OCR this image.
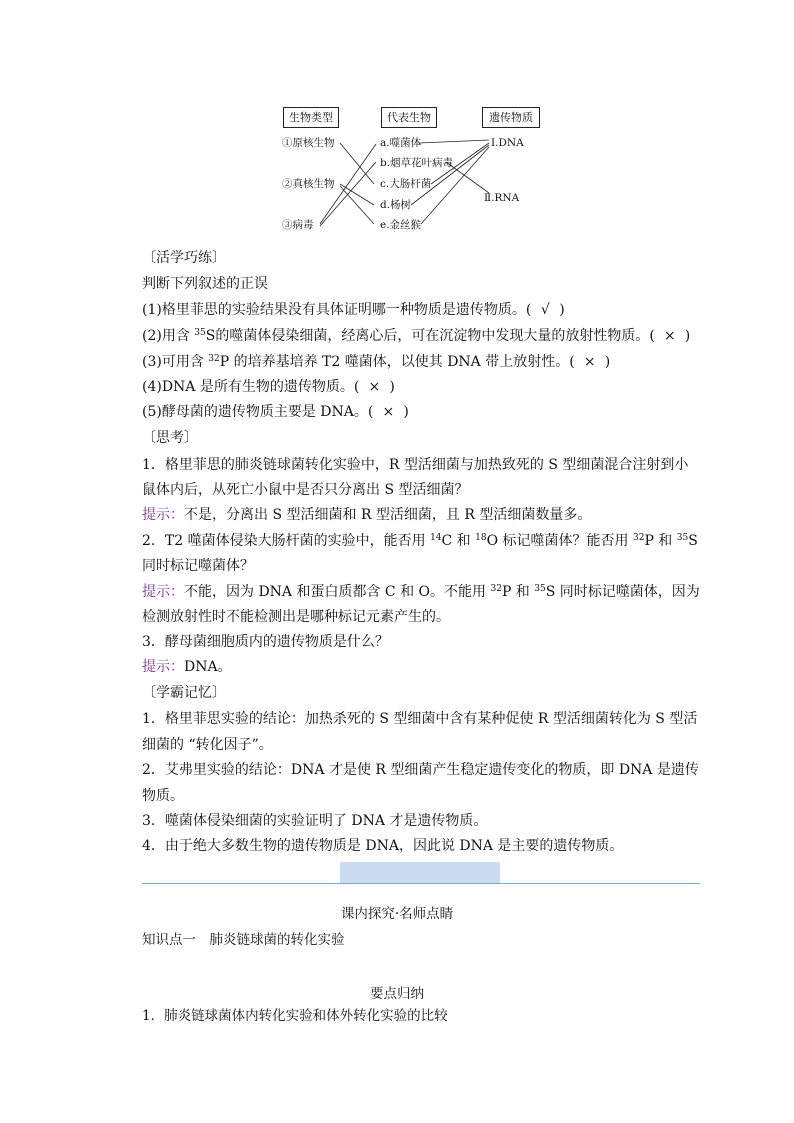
生物类型	代表生物	遗传物质
①原核生物
②真核生物
③病毒
a.噬菌体
b.烟草花叶病毒
c.大肠杆菌
d.杨树
e.金丝猴
Ⅰ.DNA
Ⅱ.RNA
〔活学巧练〕
判断下列叙述的正误
(1)格里菲思的实验结果没有具体证明哪一种物质是遗传物质。( √ )
(2)用含 $^{35}$S的噬菌体侵染细菌，经离心后，可在沉淀物中发现大量的放射性物质。( × )
(3)可用含 $^{32}$P 的培养基培养 T2 噬菌体，以使其 DNA 带上放射性。( × )
(4)DNA 是所有生物的遗传物质。( × )
(5)酵母菌的遗传物质主要是 DNA。( × )
〔思考〕
1．格里菲思的肺炎链球菌转化实验中，R 型活细菌与加热致死的 S 型细菌混合注射到小
鼠体内后，从死亡小鼠中是否只分离出 S 型活细菌？
提示：不是，分离出 S 型活细菌和 R 型活细菌，且 R 型活细菌数量多。
2．T2 噬菌体侵染大肠杆菌的实验中，能否用 $^{14}$C 和 $^{18}$O 标记噬菌体？能否用 $^{32}$P 和 $^{35}$S
同时标记噬菌体？
提示：不能，因为 DNA 和蛋白质都含 C 和 O。不能用 $^{32}$P 和 $^{35}$S 同时标记噬菌体，因为
检测放射性时不能检测出是哪种标记元素产生的。
3．酵母菌细胞质内的遗传物质是什么？
提示：DNA。
〔学霸记忆〕
1．格里菲思实验的结论：加热杀死的 S 型细菌中含有某种促使 R 型活细菌转化为 S 型活
细菌的 “转化因子”。
2．艾弗里实验的结论：DNA 才是使 R 型细菌产生稳定遗传变化的物质，即 DNA 是遗传
物质。
3．噬菌体侵染细菌的实验证明了 DNA 才是遗传物质。
4．由于绝大多数生物的遗传物质是 DNA，因此说 DNA 是主要的遗传物质。
课内探究·名师点睛
知识点一　肺炎链球菌的转化实验
要点归纳
1．肺炎链球菌体内转化实验和体外转化实验的比较
